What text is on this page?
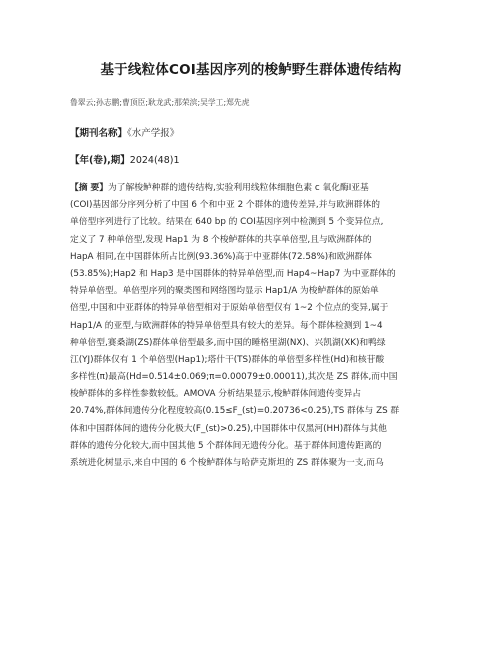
基于线粒体COⅠ基因序列的梭鲈野生群体遗传结构
鲁翠云;孙志鹏;曹顶臣;耿龙武;那荣滨;吴学工;郑先虎
【期刊名称】《水产学报》
【年(卷),期】2024(48)1
【摘 要】为了解梭鲈种群的遗传结构,实验利用线粒体细胞色素 c 氧化酶Ⅰ亚基
(COⅠ)基因部分序列分析了中国 6 个和中亚 2 个群体的遗传差异,并与欧洲群体的
单倍型序列进行了比较。结果在 640 bp 的 COⅠ基因序列中检测到 5 个变异位点,
定义了 7 种单倍型,发现 Hap1 为 8 个梭鲈群体的共享单倍型,且与欧洲群体的
HapA 相同,在中国群体所占比例(93.36%)高于中亚群体(72.58%)和欧洲群体
(53.85%);Hap2 和 Hap3 是中国群体的特异单倍型,而 Hap4~Hap7 为中亚群体的
特异单倍型。单倍型序列的聚类图和网络图均显示 Hap1/A 为梭鲈群体的原始单
倍型,中国和中亚群体的特异单倍型相对于原始单倍型仅有 1~2 个位点的变异,属于
Hap1/A 的亚型,与欧洲群体的特异单倍型具有较大的差异。每个群体检测到 1~4
种单倍型,赛桑湖(ZS)群体单倍型最多,而中国的睡格里湖(NX)、兴凯湖(XK)和鸭绿
江(YJ)群体仅有 1 个单倍型(Hap1);塔什干(TS)群体的单倍型多样性(Hd)和核苷酸
多样性(π)最高(Hd=0.514±0.069;π=0.00079±0.00011),其次是 ZS 群体,而中国
梭鲈群体的多样性参数较低。AMOVA 分析结果显示,梭鲈群体间遗传变异占
20.74%,群体间遗传分化程度较高(0.15≤F_(st)=0.20736<0.25),TS 群体与 ZS 群
体和中国群体间的遗传分化极大(F_(st)>0.25),中国群体中仅黑河(HH)群体与其他
群体的遗传分化较大,而中国其他 5 个群体间无遗传分化。基于群体间遗传距离的
系统进化树显示,来自中国的 6 个梭鲈群体与哈萨克斯坦的 ZS 群体聚为一支,而乌
